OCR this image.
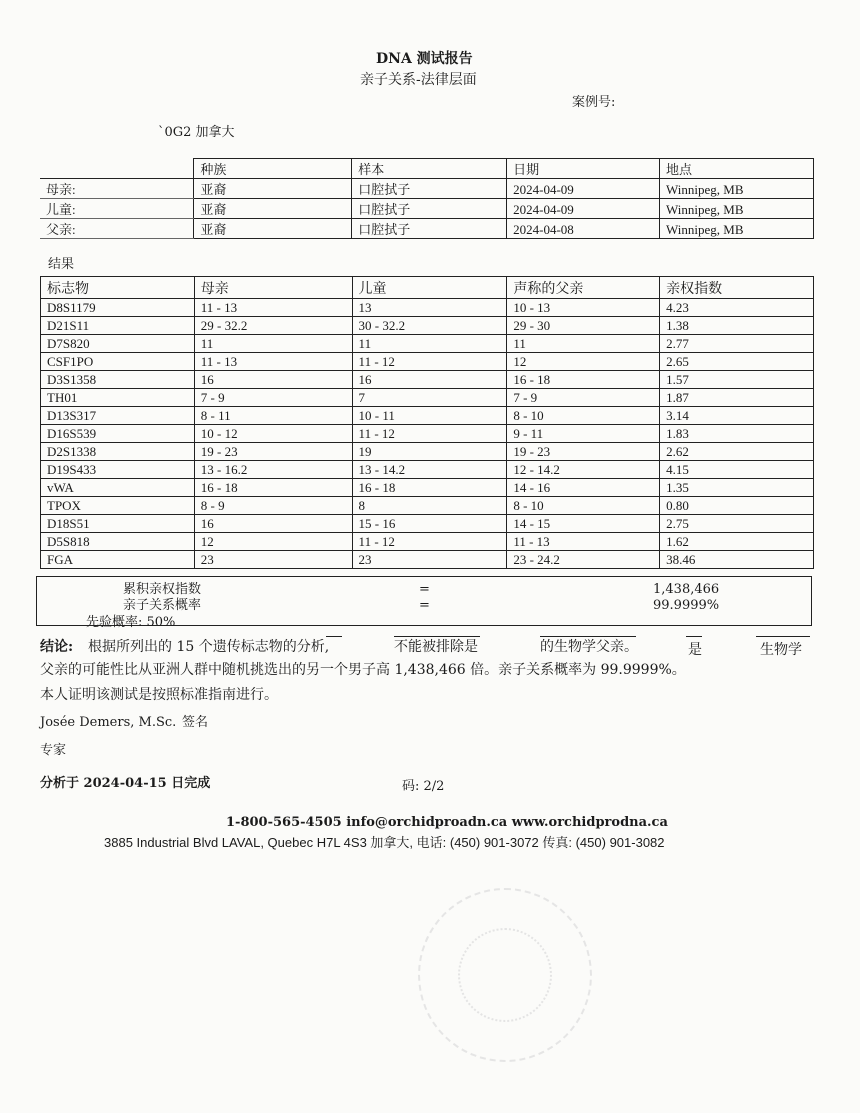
DNA 测试报告
亲子关系-法律层面
案例号:
`0G2 加拿大
	种族	样本	日期	地点
母亲:	亚裔	口腔拭子	2024-04-09	Winnipeg, MB
儿童:	亚裔	口腔拭子	2024-04-09	Winnipeg, MB
父亲:	亚裔	口腔拭子	2024-04-08	Winnipeg, MB
结果
标志物	母亲	儿童	声称的父亲	亲权指数
D8S1179	11 - 13	13	10 - 13	4.23
D21S11	29 - 32.2	30 - 32.2	29 - 30	1.38
D7S820	11	11	11	2.77
CSF1PO	11 - 13	11 - 12	12	2.65
D3S1358	16	16	16 - 18	1.57
TH01	7 - 9	7	7 - 9	1.87
D13S317	8 - 11	10 - 11	8 - 10	3.14
D16S539	10 - 12	11 - 12	9 - 11	1.83
D2S1338	19 - 23	19	19 - 23	2.62
D19S433	13 - 16.2	13 - 14.2	12 - 14.2	4.15
vWA	16 - 18	16 - 18	14 - 16	1.35
TPOX	8 - 9	8	8 - 10	0.80
D18S51	16	15 - 16	14 - 15	2.75
D5S818	12	11 - 12	11 - 13	1.62
FGA	23	23	23 - 24.2	38.46
累积亲权指数	=	1,438,466
亲子关系概率	=	99.9999%
先验概率: 50%
结论: 根据所列出的 15 个遗传标志物的分析,	不能被排除是	的生物学父亲。	是	生物学
父亲的可能性比从亚洲人群中随机挑选出的另一个男子高 1,438,466 倍。亲子关系概率为 99.9999%。
本人证明该测试是按照标准指南进行。
Josée Demers, M.Sc. 签名
专家
分析于 2024-04-15 日完成	码: 2/2
1-800-565-4505 info@orchidproadn.ca www.orchidprodna.ca
3885 Industrial Blvd LAVAL, Quebec H7L 4S3 加拿大, 电话: (450) 901-3072 传真: (450) 901-3082
